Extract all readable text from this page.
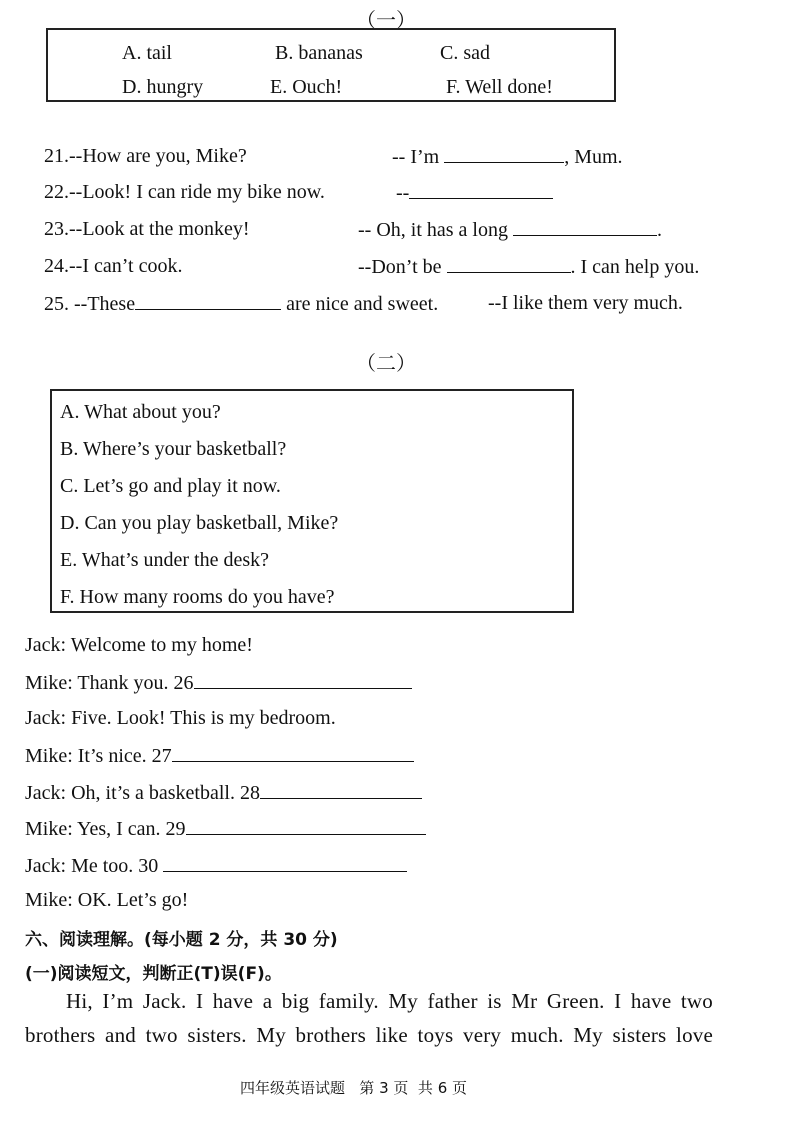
（一）
A. tail	B. bananas	C. sad
D. hungry	E. Ouch!	F. Well done!
21.--How are you, Mike?	-- I’m	, Mum.
22.--Look! I can ride my bike now.	--
23.--Look at the monkey!	-- Oh, it has a long	.
24.--I can’t cook.	--Don’t be	. I can help you.
25. --These	are nice and sweet. --I like them very much.
（二）
A. What about you?
B. Where’s your basketball?
C. Let’s go and play it now.
D. Can you play basketball, Mike?
E. What’s under the desk?
F. How many rooms do you have?
Jack: Welcome to my home!
Mike: Thank you. 26
Jack: Five. Look! This is my bedroom.
Mike: It’s nice. 27
Jack: Oh, it’s a basketball. 28
Mike: Yes, I can. 29
Jack: Me too. 30
Mike: OK. Let’s go!
六、阅读理解。(每小题 2 分，共 30 分)
(一)阅读短文，判断正(T)误(F)。
Hi, I’m Jack. I have a big family. My father is Mr Green. I have two
brothers and two sisters. My brothers like toys very much. My sisters love
四年级英语试题   第 3 页  共 6 页
